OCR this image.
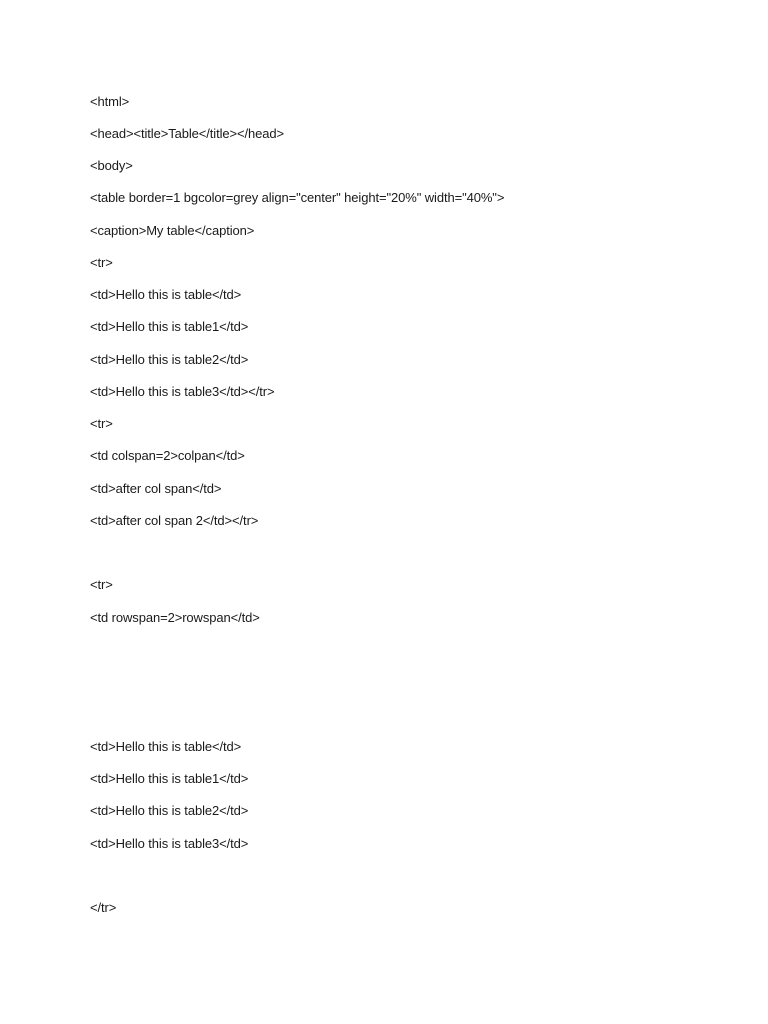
<html>
<head><title>Table</title></head>
<body>
<table border=1 bgcolor=grey align="center" height="20%" width="40%">
<caption>My table</caption>
<tr>
<td>Hello this is table</td>
<td>Hello this is table1</td>
<td>Hello this is table2</td>
<td>Hello this is table3</td></tr>
<tr>
<td colspan=2>colpan</td>
<td>after col span</td>
<td>after col span 2</td></tr>
<tr>
<td rowspan=2>rowspan</td>
<td>Hello this is table</td>
<td>Hello this is table1</td>
<td>Hello this is table2</td>
<td>Hello this is table3</td>
</tr>
